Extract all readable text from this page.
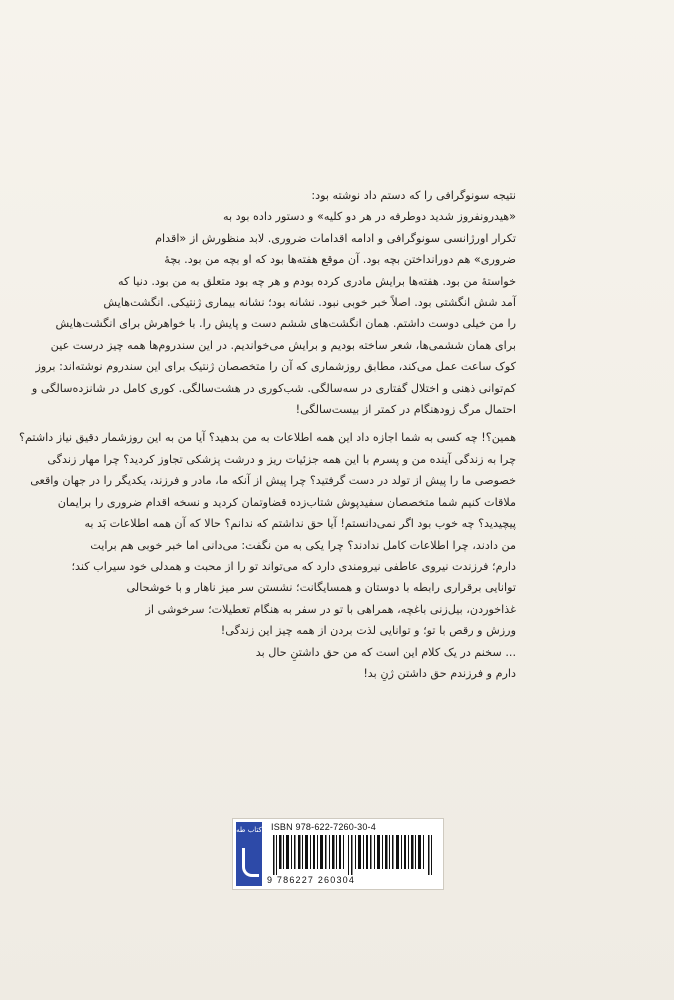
نتیجه سونوگرافی را که دستم داد نوشته بود:
«هیدرونفروز شدید دوطرفه در هر دو کلیه» و دستور داده بود به
تکرار اورژانسی سونوگرافی و ادامه اقدامات ضروری. لابد منظورش از «اقدام
ضروری» هم دورانداختن بچه بود. آن موقع هفته‌ها بود که او بچه من بود. بچهٔ
خواستهٔ من بود. هفته‌ها برایش مادری کرده بودم و هر چه بود متعلق به من بود. دنیا که
آمد شش انگشتی بود. اصلاً خبر خوبی نبود. نشانه بود؛ نشانه بیماری ژنتیکی. انگشت‌هایش
را من خیلی دوست داشتم. همان انگشت‌های ششم دست و پایش را. با خواهرش برای انگشت‌هایش
برای همان ششمی‌ها، شعر ساخته بودیم و برایش می‌خواندیم. در این سندروم‌ها همه چیز درست عین
کوک ساعت عمل می‌کند، مطابق روزشماری که آن را متخصصان ژنتیک برای این سندروم نوشته‌اند: بروز
کم‌توانی ذهنی و اختلال گفتاری در سه‌سالگی. شب‌کوری در هشت‌سالگی. کوری کامل در شانزده‌سالگی و
احتمال مرگ زودهنگام در کمتر از بیست‌سالگی!
همین؟! چه کسی به شما اجازه داد این همه اطلاعات به من بدهید؟ آیا من به این روزشمار دقیق نیاز داشتم؟
چرا به زندگی آینده من و پسرم با این همه جزئیات ریز و درشت پزشکی تجاوز کردید؟ چرا مهار زندگی
خصوصی ما را پیش از تولد در دست گرفتید؟ چرا پیش از آنکه ما، مادر و فرزند، یکدیگر را در جهان واقعی
ملاقات کنیم شما متخصصان سفیدپوش شتاب‌زده قضاوتمان کردید و نسخه اقدام ضروری را برایمان
پیچیدید؟ چه خوب بود اگر نمی‌دانستم! آیا حق نداشتم که ندانم؟ حالا که آن همه اطلاعات بَد به
من دادند، چرا اطلاعات کامل ندادند؟ چرا یکی به من نگفت: می‌دانی اما خبر خوبی هم برایت
دارم؛ فرزندت نیروی عاطفی نیرومندی دارد که می‌تواند تو را از محبت و همدلی خود سیراب کند؛
توانایی برقراری رابطه با دوستان و همسایگانت؛ نشستن سر میز ناهار و با خوشحالی
غذاخوردن، بیل‌زنی باغچه، همراهی با تو در سفر به هنگام تعطیلات؛ سرخوشی از
ورزش و رقص با تو؛ و توانایی لذت بردن از همه چیز این زندگی!
... سخنم در یک کلام این است که من حق داشتنِ حال بد
دارم و فرزندم حق داشتن ژنِ بد!
کتاب طه ISBN 978-622-7260-30-4
9 786227 260304
